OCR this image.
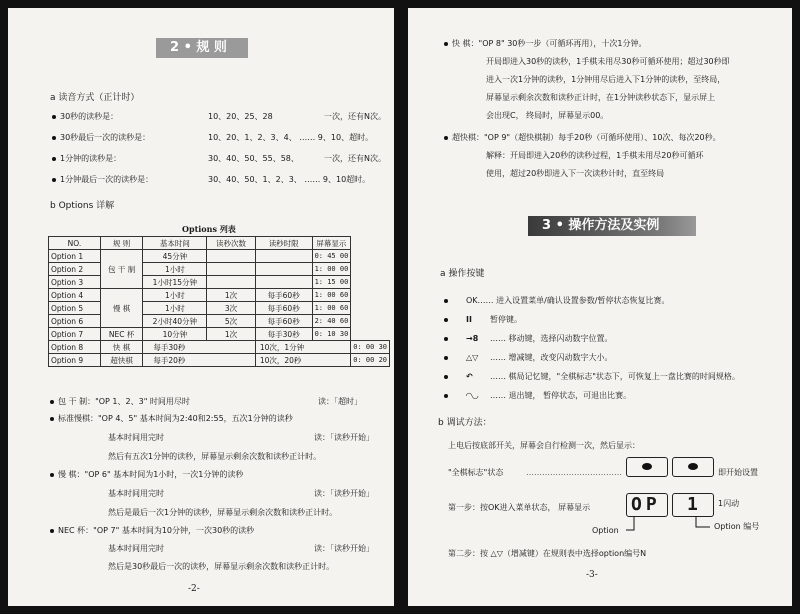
2 • 规 则
a 读音方式（正计时）
b Options 详解
Options 列表
NO.	规 则	基本时间	读秒次数	读秒时限	屏幕显示	
Option 1	包 干 制	45分钟			0: 45 00	
Option 2		1小时			1: 00 00	
Option 3		1小时15分钟			1: 15 00	
Option 4	慢 棋	1小时	1次	每手60秒	1: 00 60	
Option 5		1小时	3次	每手60秒	1: 00 60	
Option 6		2小时40分钟	5次	每手60秒	2: 40 60	
Option 7	NEC 杯	10分钟	1次	每手30秒	0: 10 30	
Option 8	快 棋	每手30秒		10次，1分钟		0: 00 30
Option 9	超快棋	每手20秒		10次，20秒		0: 00 20
-2-
30秒的读秒是：	10、20、25、28	一次，还有N次。
30秒最后一次的读秒是：	10、20、1、2、3、4、 …… 9、10、超时。
1分钟的读秒是：	30、40、50、55、58、	一次，还有N次。
1分钟最后一次的读秒是：	30、40、50、1、2、3、 …… 9、10超时。
包 干 制："OP 1、2、3" 时间用尽时	读：「超时」
标准慢棋："OP 4、5" 基本时间为2:40和2:55，五次1分钟的读秒
基本时间用完时	读：「读秒开始」
然后有五次1分钟的读秒，屏幕显示剩余次数和读秒正计时。
慢 棋："OP 6" 基本时间为1小时，一次1分钟的读秒
基本时间用完时	读：「读秒开始」
然后是最后一次1分钟的读秒，屏幕显示剩余次数和读秒正计时。
NEC 杯："OP 7" 基本时间为10分钟，一次30秒的读秒
基本时间用完时	读：「读秒开始」
然后是30秒最后一次的读秒，屏幕显示剩余次数和读秒正计时。
3 • 操作方法及实例
a 操作按键
b 调试方法：
上电后按底部开关，屏幕会自行检测一次，然后显示：
"全棋标志"状态	………………………………	即开始设置
第一步：按OK进入菜单状态， 屏幕显示 OP 1 1闪动
Option	Option 编号
第二步：按 △▽（增减键）在规则表中选择option编号N
-3-
快 棋："OP 8" 30秒一步（可循环再用），十次1分钟。
开局即进入30秒的读秒，1手棋未用尽30秒可循环使用；超过30秒即
进入一次1分钟的读秒，1分钟用尽后进入下1分钟的读秒，至终局，
屏幕显示剩余次数和读秒正计时，在1分钟读秒状态下，显示屏上
会出现C， 终局时，屏幕显示00。
超快棋："OP 9"（超快棋制）每手20秒（可循环使用）、10次、每次20秒。
解释：开局即进入20秒的读秒过程，1手棋未用尽20秒可循环
使用，超过20秒即进入下一次读秒计时，直至终局
OK…… 进入设置菜单/确认设置参数/暂停状态恢复比赛。
II 暂停键。
→8 …… 移动键，选择闪动数字位置。
△▽ …… 增减键，改变闪动数字大小。
↶ …… 棋局记忆键，"全棋标志"状态下，可恢复上一盘比赛的时间规格。
◠◡ …… 退出键， 暂停状态，可退出比赛。
